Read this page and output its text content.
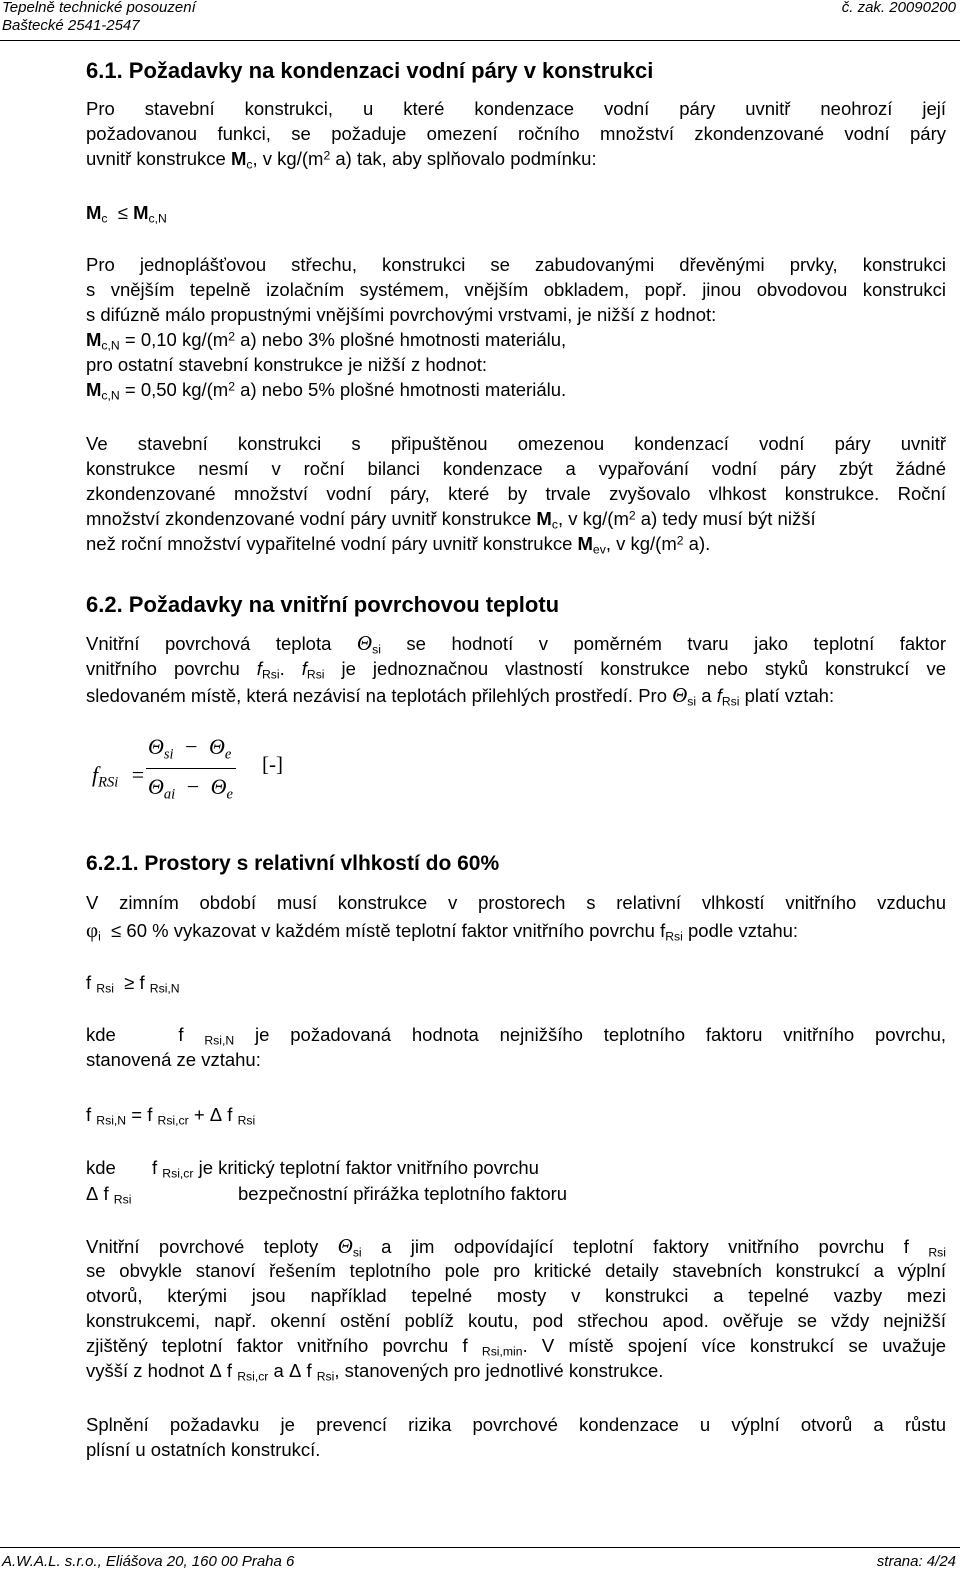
Tepelně technické posouzení
Baštecké 2541-2547
č. zak. 20090200
6.1. Požadavky na kondenzaci vodní páry v konstrukci
Pro stavební konstrukci, u které kondenzace vodní páry uvnitř neohrozí její
požadovanou funkci, se požaduje omezení ročního množství zkondenzované vodní páry
uvnitř konstrukce $M_c$, v $kg/(m^2$ a) tak, aby splňovalo podmínku:
$M_c \le M_{c,N}$
Pro jednoplášťovou střechu, konstrukci se zabudovanými dřevěnými prvky, konstrukci
s vnějším tepelně izolačním systémem, vnějším obkladem, popř. jinou obvodovou konstrukci
s difúzně málo propustnými vnějšími povrchovými vrstvami, je nižší z hodnot:
$M_{c,N} = 0,10$ $kg/(m^2$ a) nebo 3% plošné hmotnosti materiálu,
pro ostatní stavební konstrukce je nižší z hodnot:
$M_{c,N} = 0,50$ $kg/(m^2$ a) nebo 5% plošné hmotnosti materiálu.
Ve stavební konstrukci s připuštěnou omezenou kondenzací vodní páry uvnitř
konstrukce nesmí v roční bilanci kondenzace a vypařování vodní páry zbýt žádné
zkondenzované množství vodní páry, které by trvale zvyšovalo vlhkost konstrukce. Roční
množství zkondenzované vodní páry uvnitř konstrukce $M_c$, v $kg/(m^2$ a) tedy musí být nižší
než roční množství vypařitelné vodní páry uvnitř konstrukce $M_{ev}$, v $kg/(m^2$ a).
6.2. Požadavky na vnitřní povrchovou teplotu
Vnitřní povrchová teplota $\Theta_{si}$ se hodnotí v poměrném tvaru jako teplotní faktor
vnitřního povrchu $f_{Rsi}$. $f_{Rsi}$ je jednoznačnou vlastností konstrukce nebo styků konstrukcí ve
sledovaném místě, která nezávisí na teplotách přilehlých prostředí. Pro $\Theta_{si}$ a $f_{Rsi}$ platí vztah:
$f_{RSi}$ =
$\Theta_{si} - \Theta_e$
$\Theta_{ai} - \Theta_e$
[-]
6.2.1. Prostory s relativní vlhkostí do 60%
V zimním období musí konstrukce v prostorech s relativní vlhkostí vnitřního vzduchu
$\varphi_i \le 60$ % vykazovat v každém místě teplotní faktor vnitřního povrchu $f_{Rsi}$ podle vztahu:
f $_{Rsi}$ ≥ f $_{Rsi,N}$
kde	f $_{Rsi,N}$ je požadovaná hodnota nejnižšího teplotního faktoru vnitřního povrchu,
stanovená ze vztahu:
f $_{Rsi,N}$ = f $_{Rsi,cr}$ + Δ f $_{Rsi}$
kde f $_{Rsi,cr}$ je kritický teplotní faktor vnitřního povrchu
Δ f $_{Rsi}$	bezpečnostní přirážka teplotního faktoru
Vnitřní povrchové teploty $\Theta_{si}$ a jim odpovídající teplotní faktory vnitřního povrchu f $_{Rsi}$
se obvykle stanoví řešením teplotního pole pro kritické detaily stavebních konstrukcí a výplní
otvorů, kterými jsou například tepelné mosty v konstrukci a tepelné vazby mezi
konstrukcemi, např. okenní ostění poblíž koutu, pod střechou apod. ověřuje se vždy nejnižší
zjištěný teplotní faktor vnitřního povrchu f $_{Rsi,min}$. V místě spojení více konstrukcí se uvažuje
vyšší z hodnot Δ f $_{Rsi,cr}$ a Δ f $_{Rsi}$, stanovených pro jednotlivé konstrukce.
Splnění požadavku je prevencí rizika povrchové kondenzace u výplní otvorů a růstu
plísní u ostatních konstrukcí.
A.W.A.L. s.r.o., Eliášova 20, 160 00 Praha 6	strana: 4/24
